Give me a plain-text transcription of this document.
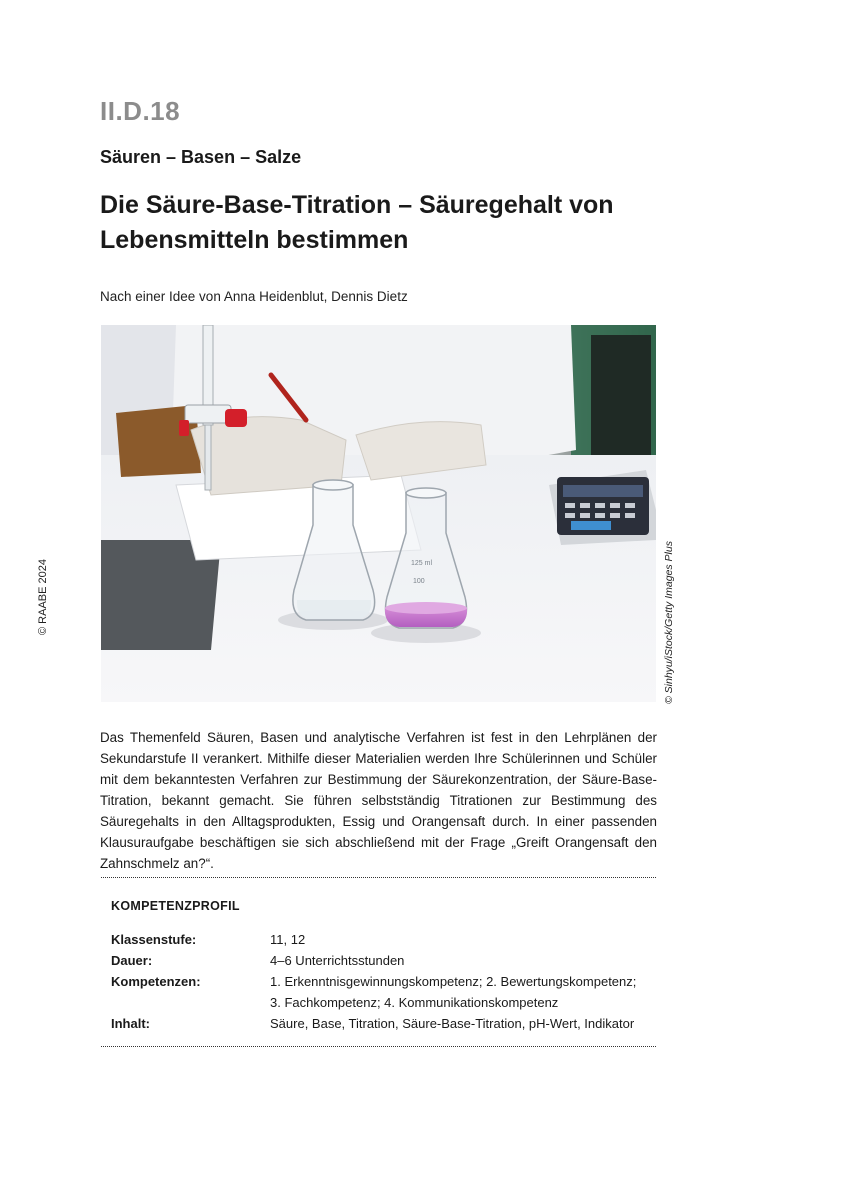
II.D.18
Säuren – Basen – Salze
Die Säure-Base-Titration – Säuregehalt von Lebensmitteln bestimmen
Nach einer Idee von Anna Heidenblut, Dennis Dietz
© RAABE 2024	© Sinhyu/iStock/Getty Images Plus
125 ml
100
Das Themenfeld Säuren, Basen und analytische Verfahren ist fest in den Lehrplänen der Sekundarstufe II verankert. Mithilfe dieser Materialien werden Ihre Schülerinnen und Schüler mit dem bekanntesten Verfahren zur Bestimmung der Säurekonzentration, der Säure-Base-Titration, bekannt gemacht. Sie führen selbstständig Titrationen zur Bestimmung des Säuregehalts in den Alltagsprodukten, Essig und Orangensaft durch. In einer passenden Klausuraufgabe beschäftigen sie sich abschließend mit der Frage „Greift Orangensaft den Zahnschmelz an?“.
KOMPETENZPROFIL
Klassenstufe:	11, 12
Dauer:	4–6 Unterrichtsstunden
Kompetenzen:	1. Erkenntnisgewinnungskompetenz; 2. Bewertungskompetenz;
3. Fachkompetenz; 4. Kommunikationskompetenz
Inhalt:	Säure, Base, Titration, Säure-Base-Titration, pH-Wert, Indikator
